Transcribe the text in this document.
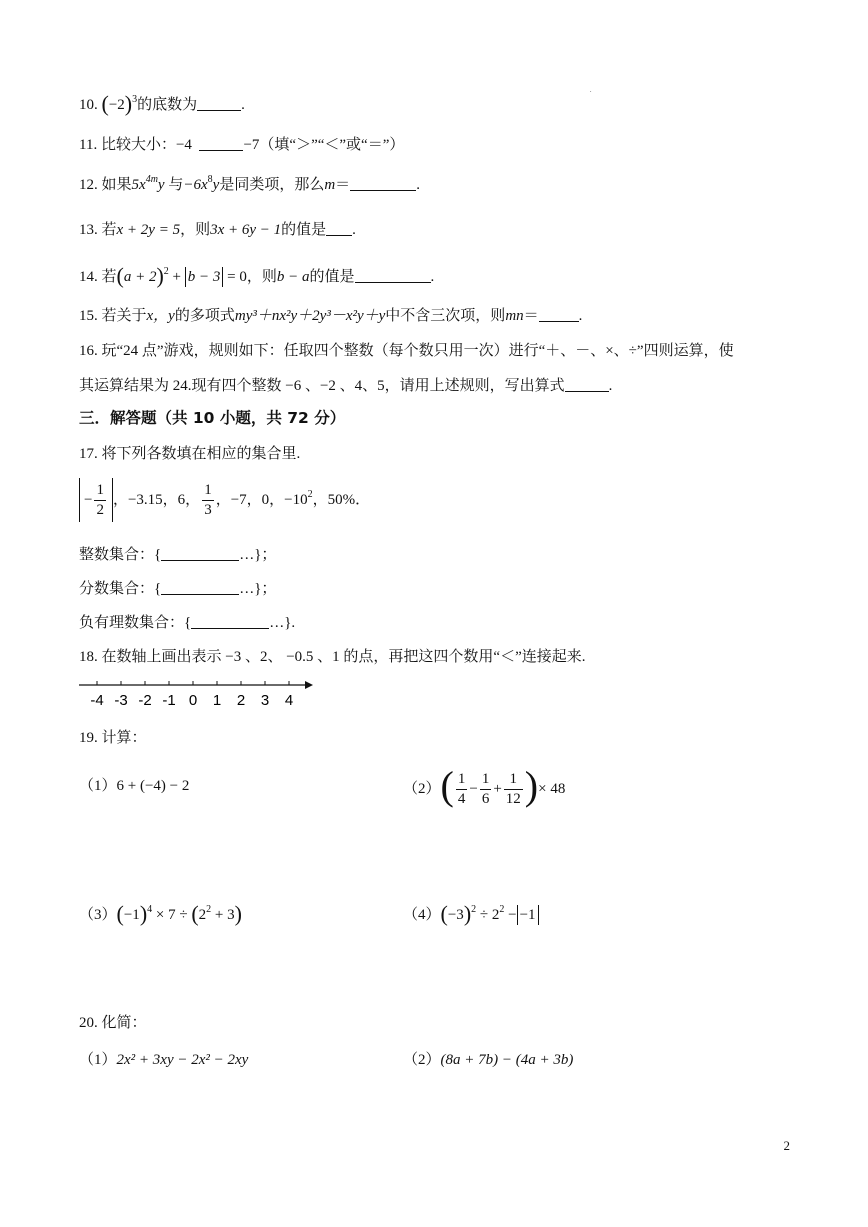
.
10. $(-2)^3$的底数为	.
11. 比较大小：−4	−7（填“＞”“＜”或“＝”）
12. 如果$5x^{4m}y$ 与$-6x^8y$是同类项，那么m＝	.
13. 若x + 2y = 5，则3x + 6y − 1的值是 .
14. 若$(a + 2)^2 + b - 3 = 0$，则b − a的值是	.
15. 若关于x，y的多项式my³＋nx²y＋2y³－x²y＋y中不含三次项，则mn＝	.
16. 玩“24 点”游戏，规则如下：任取四个整数（每个数只用一次）进行“＋、－、×、÷”四则运算，使
其运算结果为 24.现有四个整数 −6 、−2 、4、5，请用上述规则，写出算式	.
三．解答题（共 10 小题，共 72 分）
17. 将下列各数填在相应的集合里.
− $\frac{1}{2}$ ，−3.15，6， $\frac{1}{3}$ ，−7，0，$-10^2$，50%．
整数集合：{	…}；
分数集合：{	…}；
负有理数集合：{	…}.
18. 在数轴上画出表示 −3 、2、 −0.5 、1 的点，再把这四个数用“＜”连接起来.
-4 -3 -2 -1 0 1 2 3 4
19. 计算：
（1）6 + (−4) − 2	$(2)( \frac{1}{4} - \frac{1}{6} + \frac{1}{12}$ )× 48
$(3)(-1)^4 \times 7 \div (2^2 + 3)$	$(4)(-3)^2 \div 2^2 - -1$
20. 化简：
（1）2x² + 3xy − 2x² − 2xy	（2）(8a + 7b) − (4a + 3b)
2
